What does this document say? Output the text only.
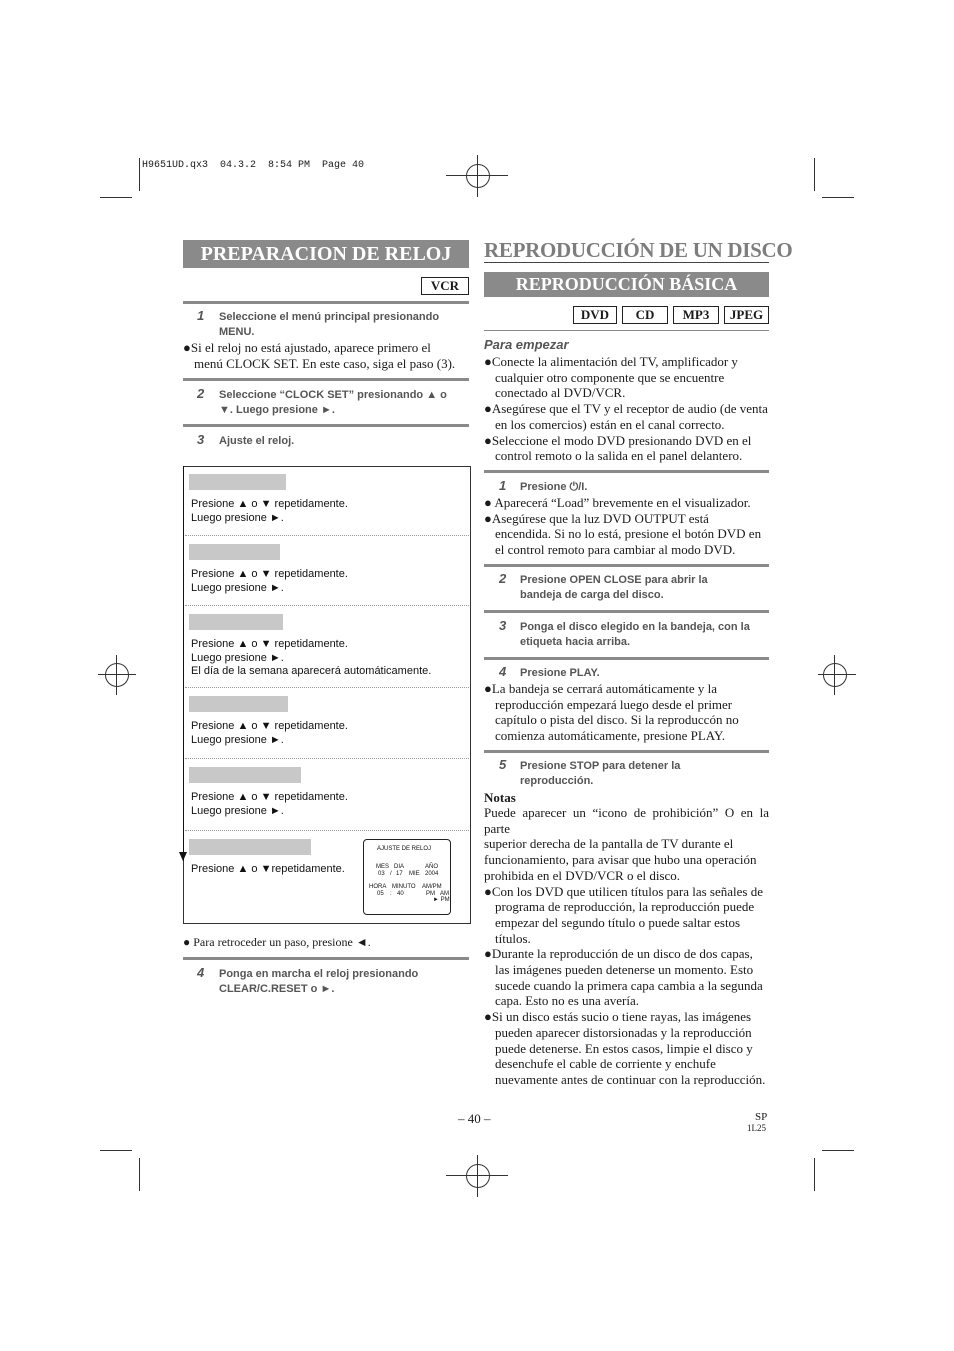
H9651UD.qx3  04.3.2  8:54 PM  Page 40
PREPARACION DE RELOJ
VCR
1 Seleccione el menú principal presionando
MENU.
●Si el reloj no está ajustado, aparece primero el
menú CLOCK SET. En este caso, siga el paso (3).
2 Seleccione “CLOCK SET” presionando ▲ o
▼. Luego presione ►.
3 Ajuste el reloj.
Presione ▲ o ▼ repetidamente.
Luego presione ►.
Presione ▲ o ▼ repetidamente.
Luego presione ►.
Presione ▲ o ▼ repetidamente.
Luego presione ►.
El día de la semana aparecerá automáticamente.
Presione ▲ o ▼ repetidamente.
Luego presione ►.
Presione ▲ o ▼ repetidamente.
Luego presione ►.
Presione ▲ o ▼repetidamente.
AJUSTE DE RELOJ
MES DIA	AÑO
03 / 17 MIE 2004
HORA MINUTO AM/PM
05 : 40	PM AM
► PM
● Para retroceder un paso, presione ◄.
4 Ponga en marcha el reloj presionando
CLEAR/C.RESET o ►.
REPRODUCCIÓN DE UN DISCO
REPRODUCCIÓN BÁSICA
DVD	CD	MP3	JPEG
Para empezar
●Conecte la alimentación del TV, amplificador y
cualquier otro componente que se encuentre
conectado al DVD/VCR.
●Asegúrese que el TV y el receptor de audio (de venta
en los comercios) están en el canal correcto.
●Seleccione el modo DVD presionando DVD en el
control remoto o la salida en el panel delantero.
1 Presione ⏻/I.
● Aparecerá “Load” brevemente en el visualizador.
●Asegúrese que la luz DVD OUTPUT está
encendida. Si no lo está, presione el botón DVD en
el control remoto para cambiar al modo DVD.
2 Presione OPEN CLOSE para abrir la
bandeja de carga del disco.
3 Ponga el disco elegido en la bandeja, con la
etiqueta hacia arriba.
4 Presione PLAY.
●La bandeja se cerrará automáticamente y la
reproducción empezará luego desde el primer
capítulo o pista del disco. Si la reproduccón no
comienza automáticamente, presione PLAY.
5 Presione STOP para detener la
reproducción.
Notas
Puede aparecer un “icono de prohibición” O en la parte
superior derecha de la pantalla de TV durante el
funcionamiento, para avisar que hubo una operación
prohibida en el DVD/VCR o el disco.
●Con los DVD que utilicen títulos para las señales de
programa de reproducción, la reproducción puede
empezar del segundo título o puede saltar estos
títulos.
●Durante la reproducción de un disco de dos capas,
las imágenes pueden detenerse un momento. Esto
sucede cuando la primera capa cambia a la segunda
capa. Esto no es una avería.
●Si un disco estás sucio o tiene rayas, las imágenes
pueden aparecer distorsionadas y la reproducción
puede detenerse. En estos casos, limpie el disco y
desenchufe el cable de corriente y enchufe
nuevamente antes de continuar con la reproducción.
– 40 –	SP
1L25
